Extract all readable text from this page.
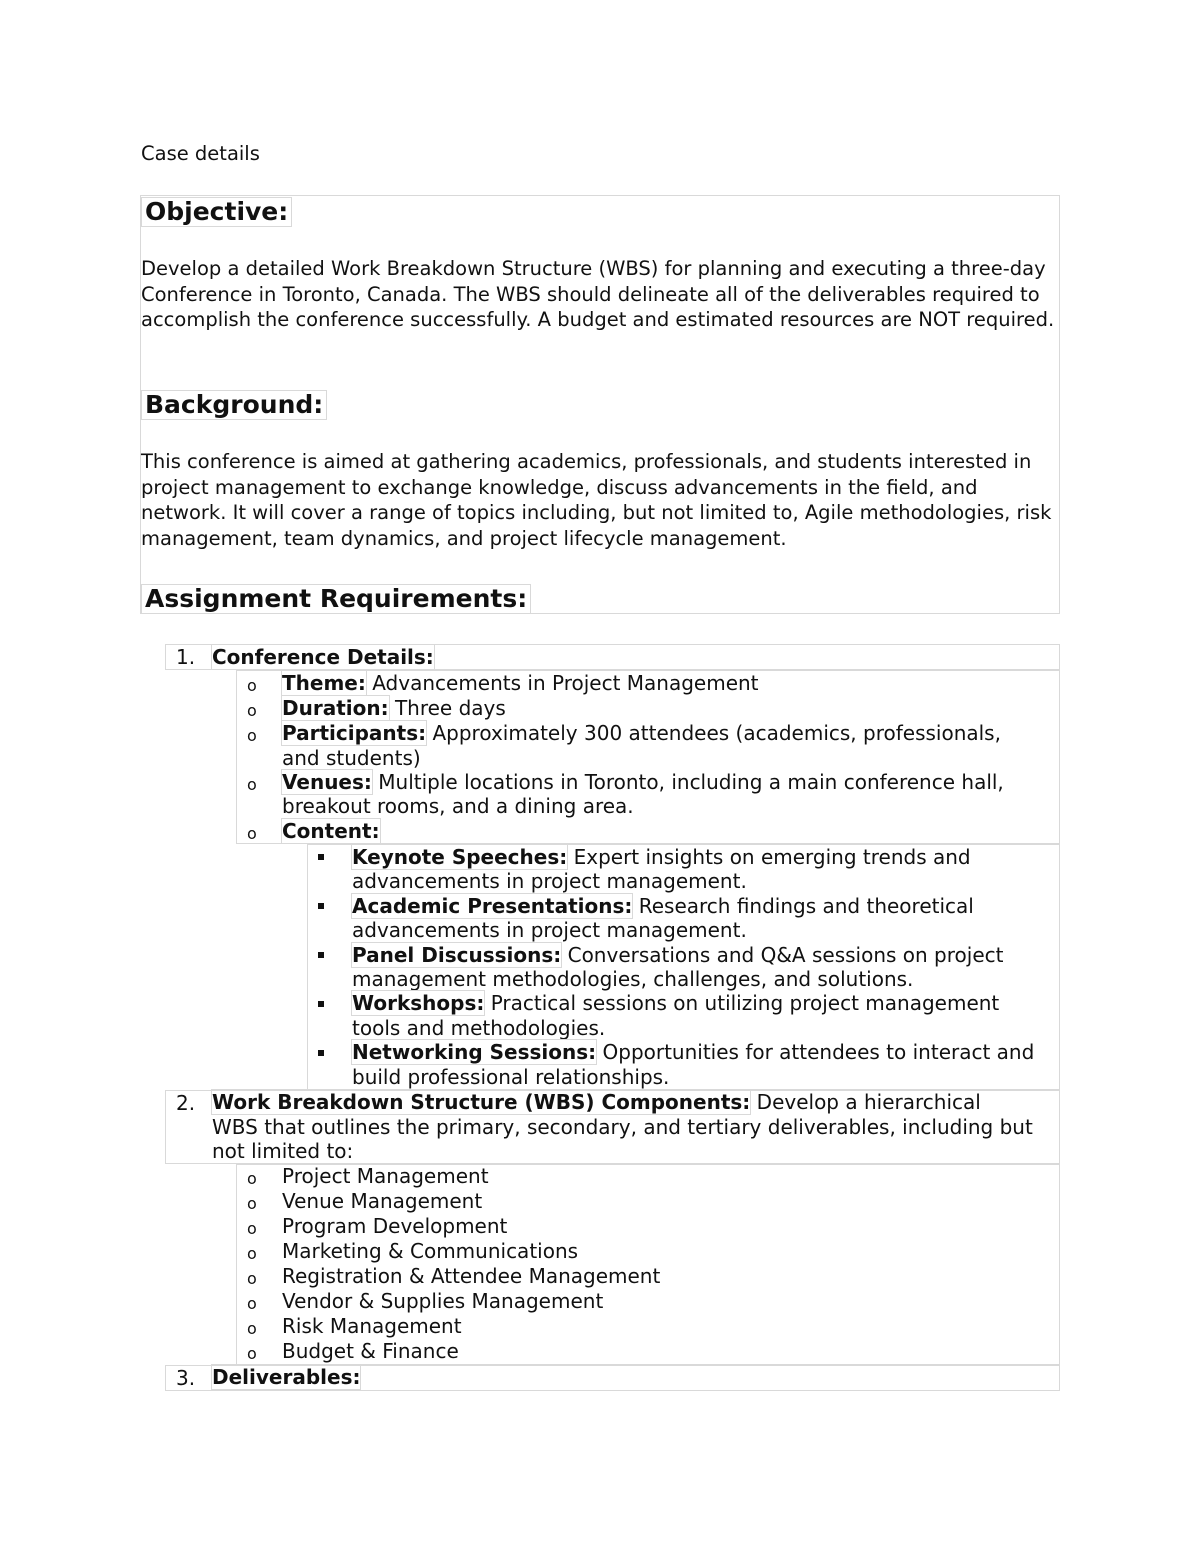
Case details
Objective:
Develop a detailed Work Breakdown Structure (WBS) for planning and executing a three-day Conference in Toronto, Canada. The WBS should delineate all of the deliverables required to accomplish the conference successfully. A budget and estimated resources are NOT required.
Background:
This conference is aimed at gathering academics, professionals, and students interested in project management to exchange knowledge, discuss advancements in the field, and network. It will cover a range of topics including, but not limited to, Agile methodologies, risk management, team dynamics, and project lifecycle management.
Assignment Requirements:
1. Conference Details:
o Theme: Advancements in Project Management
o Duration: Three days
o Participants: Approximately 300 attendees (academics, professionals,
and students)
o Venues: Multiple locations in Toronto, including a main conference hall,
breakout rooms, and a dining area.
o Content:
Keynote Speeches: Expert insights on emerging trends and
advancements in project management.
Academic Presentations: Research findings and theoretical
advancements in project management.
Panel Discussions: Conversations and Q&A sessions on project
management methodologies, challenges, and solutions.
Workshops: Practical sessions on utilizing project management
tools and methodologies.
Networking Sessions: Opportunities for attendees to interact and
build professional relationships.
2. Work Breakdown Structure (WBS) Components: Develop a hierarchical
WBS that outlines the primary, secondary, and tertiary deliverables, including but
not limited to:
o Project Management
o Venue Management
o Program Development
o Marketing & Communications
o Registration & Attendee Management
o Vendor & Supplies Management
o Risk Management
o Budget & Finance
3. Deliverables:
